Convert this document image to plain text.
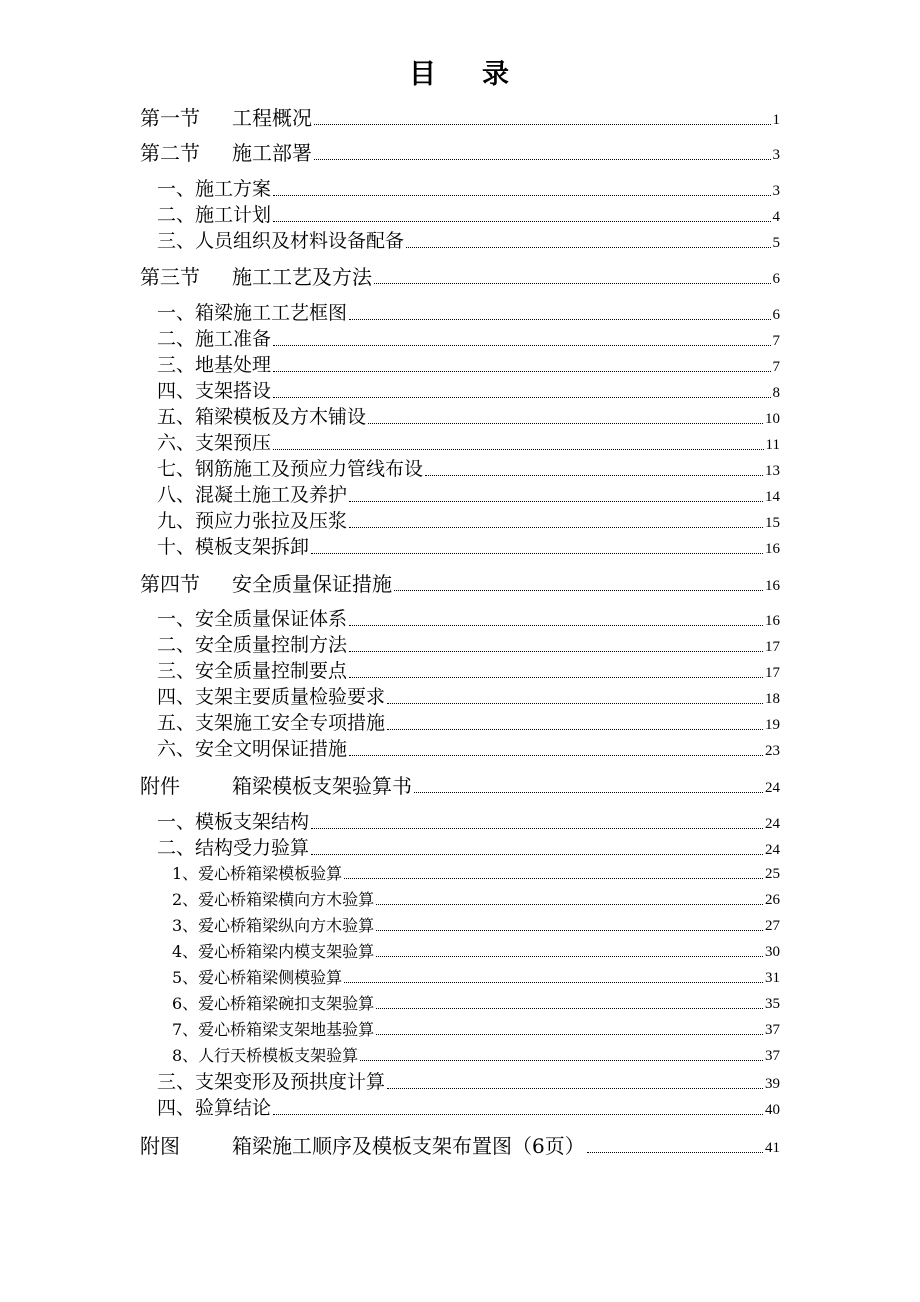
目 录
第一节 工程概况	1
第二节 施工部署	3
一、施工方案	3
二、施工计划	4
三、人员组织及材料设备配备	5
第三节 施工工艺及方法	6
一、箱梁施工工艺框图	6
二、施工准备	7
三、地基处理	7
四、支架搭设	8
五、箱梁模板及方木铺设	10
六、支架预压	11
七、钢筋施工及预应力管线布设	13
八、混凝土施工及养护	14
九、预应力张拉及压浆	15
十、模板支架拆卸	16
第四节 安全质量保证措施	16
一、安全质量保证体系	16
二、安全质量控制方法	17
三、安全质量控制要点	17
四、支架主要质量检验要求	18
五、支架施工安全专项措施	19
六、安全文明保证措施	23
附件	箱梁模板支架验算书	24
一、模板支架结构	24
二、结构受力验算	24
1、爱心桥箱梁模板验算	25
2、爱心桥箱梁横向方木验算	26
3、爱心桥箱梁纵向方木验算	27
4、爱心桥箱梁内模支架验算	30
5、爱心桥箱梁侧模验算	31
6、爱心桥箱梁碗扣支架验算	35
7、爱心桥箱梁支架地基验算	37
8、人行天桥模板支架验算	37
三、支架变形及预拱度计算	39
四、验算结论	40
附图	箱梁施工顺序及模板支架布置图（6页）	41
